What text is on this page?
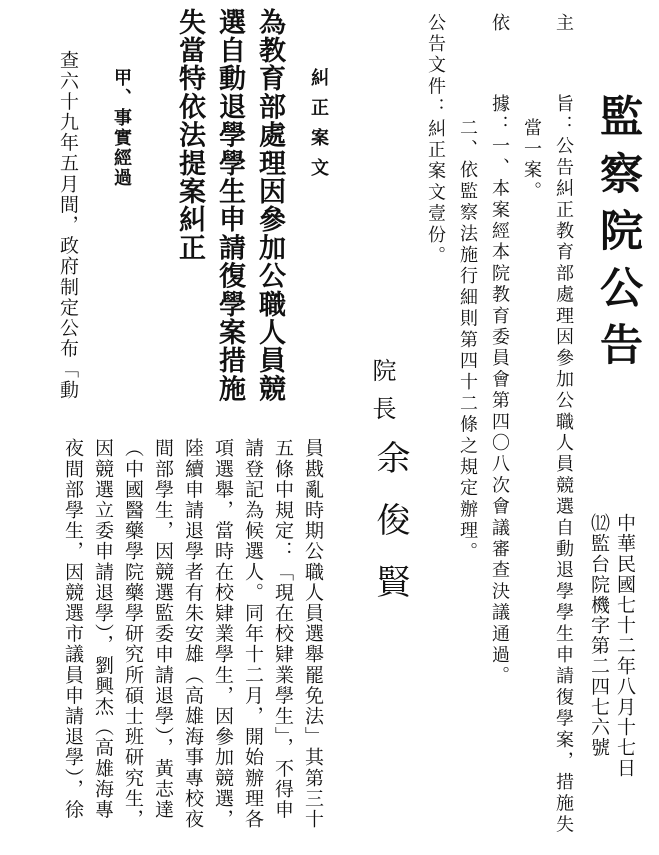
監察院公告
中華民國七十二年八月十七日
⑿監台院機字第二四七六號
主
旨：公告糾正教育部處理因參加公職人員競選自動退學學生申請復學案，措施失
當一案。
依
據：一、本案經本院教育委員會第四〇八次會議審查決議通過。
二、依監察法施行細則第四十二條之規定辦理。
公告文件：糾正案文壹份。
院長
余俊賢
糾正案文
為教育部處理因參加公職人員競
選自動退學學生申請復學案措施
失當特依法提案糾正
甲、事實經過
查六十九年五月間，政府制定公布「動
員戡亂時期公職人員選舉罷免法」其第三十
五條中規定：「現在校肄業學生」，不得申
請登記為候選人。同年十二月，開始辦理各
項選舉，當時在校肄業學生，因參加競選，
陸續申請退學者有朱安雄（高雄海事專校夜
間部學生，因競選監委申請退學），黃志達
（中國醫藥學院藥學研究所碩士班研究生，
因競選立委申請退學），劉興杰（高雄海專
夜間部學生，因競選市議員申請退學），徐
